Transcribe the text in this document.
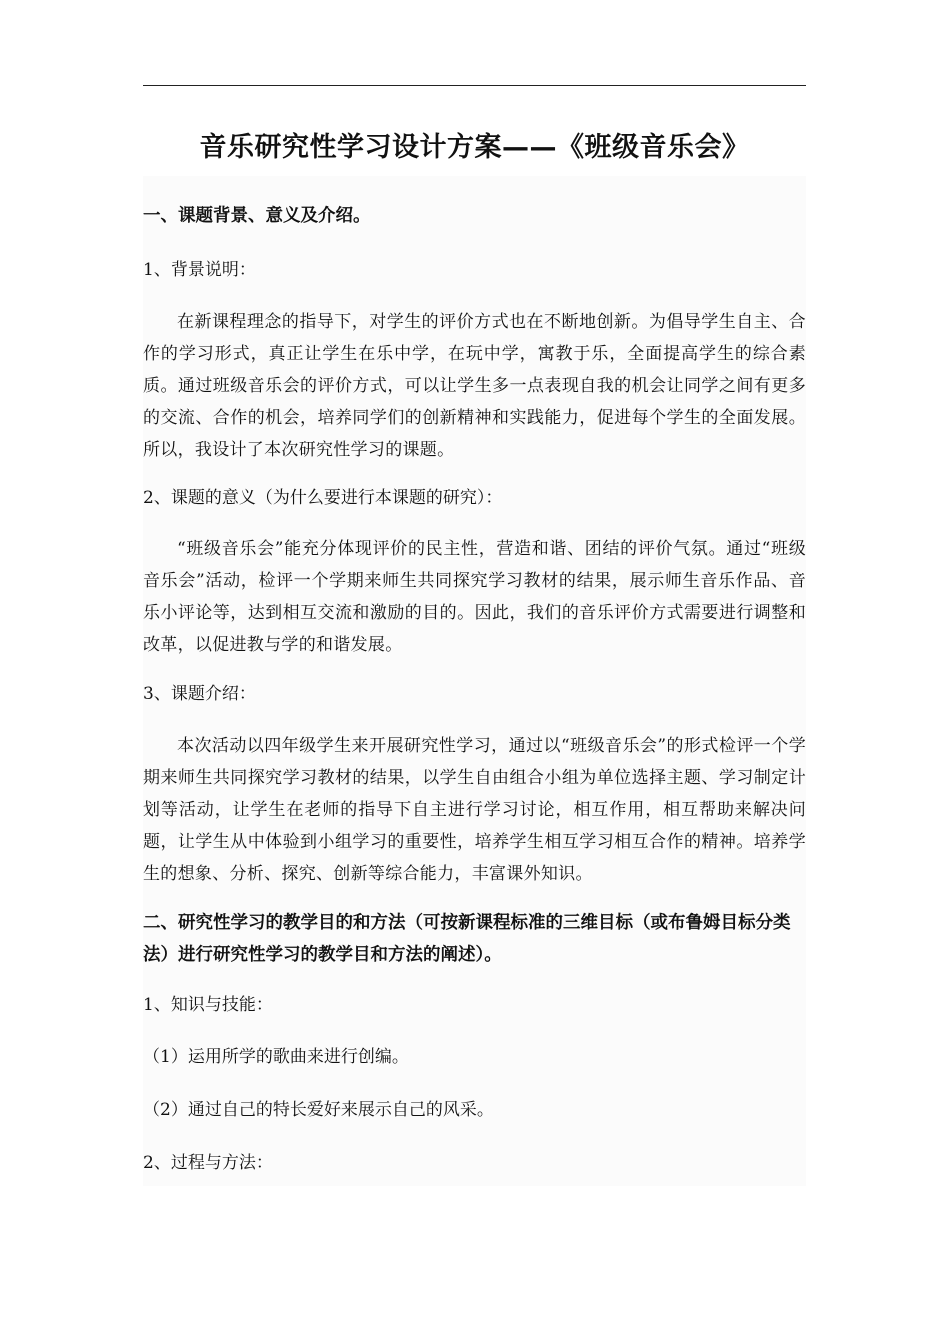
音乐研究性学习设计方案——《班级音乐会》

一、课题背景、意义及介绍。

1、背景说明：

在新课程理念的指导下，对学生的评价方式也在不断地创新。为倡导学生自主、合作的学习形式，真正让学生在乐中学，在玩中学，寓教于乐，全面提高学生的综合素质。通过班级音乐会的评价方式，可以让学生多一点表现自我的机会让同学之间有更多的交流、合作的机会，培养同学们的创新精神和实践能力，促进每个学生的全面发展。所以，我设计了本次研究性学习的课题。

2、课题的意义（为什么要进行本课题的研究）：

“班级音乐会”能充分体现评价的民主性，营造和谐、团结的评价气氛。通过“班级音乐会”活动，检评一个学期来师生共同探究学习教材的结果，展示师生音乐作品、音乐小评论等，达到相互交流和激励的目的。因此，我们的音乐评价方式需要进行调整和改革，以促进教与学的和谐发展。

3、课题介绍：

本次活动以四年级学生来开展研究性学习，通过以“班级音乐会”的形式检评一个学期来师生共同探究学习教材的结果，以学生自由组合小组为单位选择主题、学习制定计划等活动，让学生在老师的指导下自主进行学习讨论，相互作用，相互帮助来解决问题，让学生从中体验到小组学习的重要性，培养学生相互学习相互合作的精神。培养学生的想象、分析、探究、创新等综合能力，丰富课外知识。

二、研究性学习的教学目的和方法（可按新课程标准的三维目标（或布鲁姆目标分类法）进行研究性学习的教学目和方法的阐述）。

1、知识与技能：

（1）运用所学的歌曲来进行创编。

（2）通过自己的特长爱好来展示自己的风采。

2、过程与方法：
